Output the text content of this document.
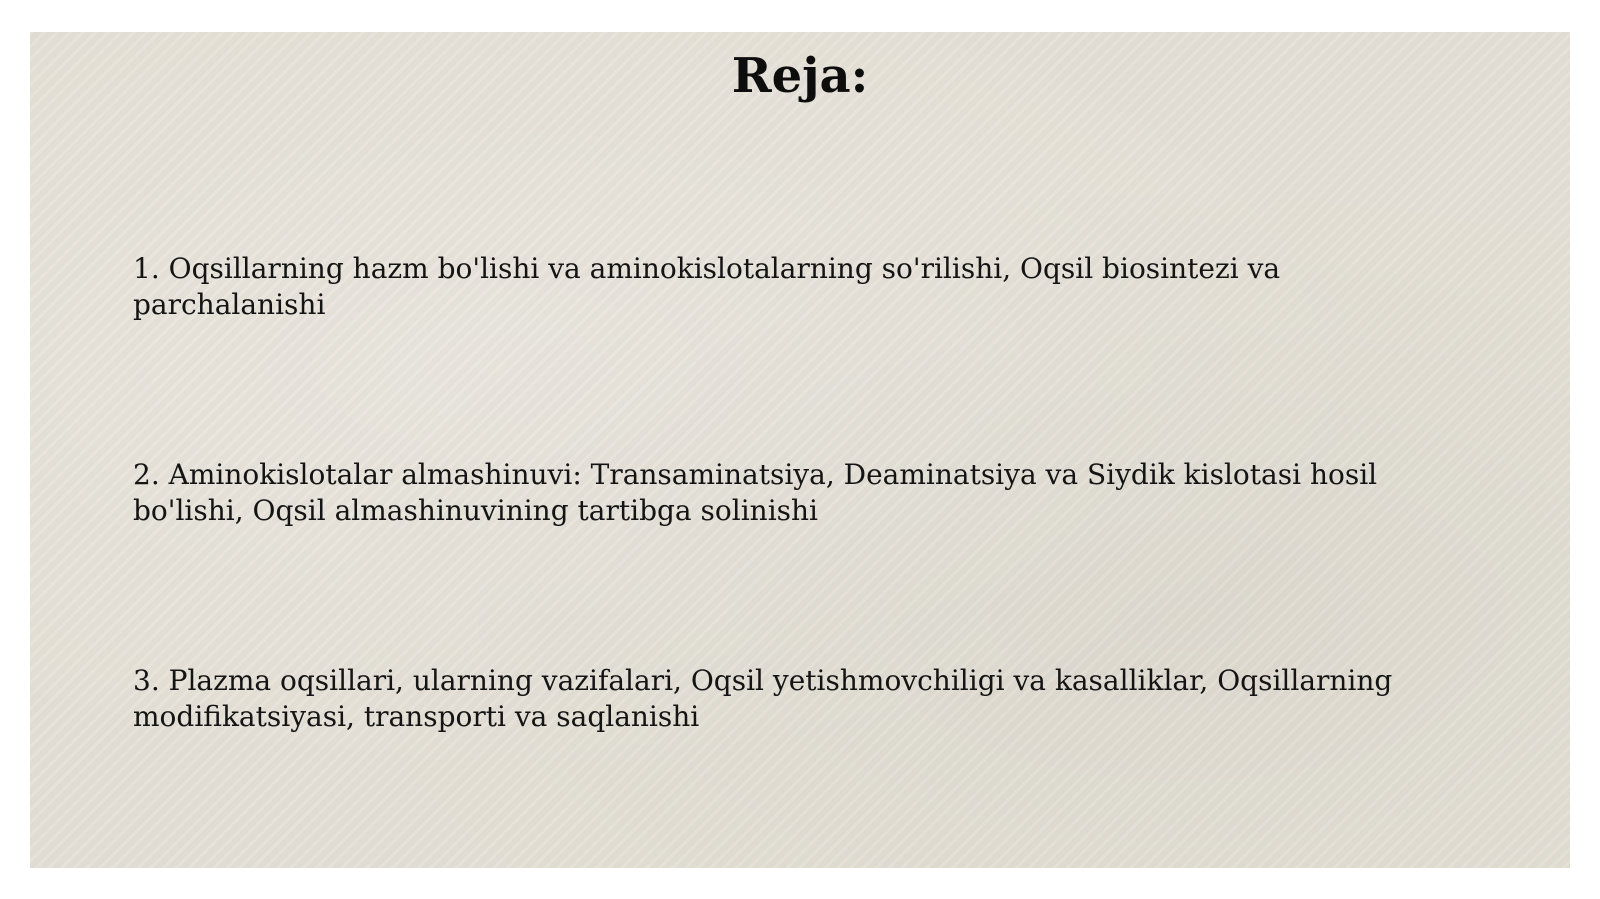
Reja:

1. Oqsillarning hazm bo'lishi va aminokislotalarning so'rilishi, Oqsil biosintezi va parchalanishi

2. Aminokislotalar almashinuvi: Transaminatsiya, Deaminatsiya va Siydik kislotasi hosil bo'lishi, Oqsil almashinuvining tartibga solinishi

3. Plazma oqsillari, ularning vazifalari, Oqsil yetishmovchiligi va kasalliklar, Oqsillarning modifikatsiyasi, transporti va saqlanishi
